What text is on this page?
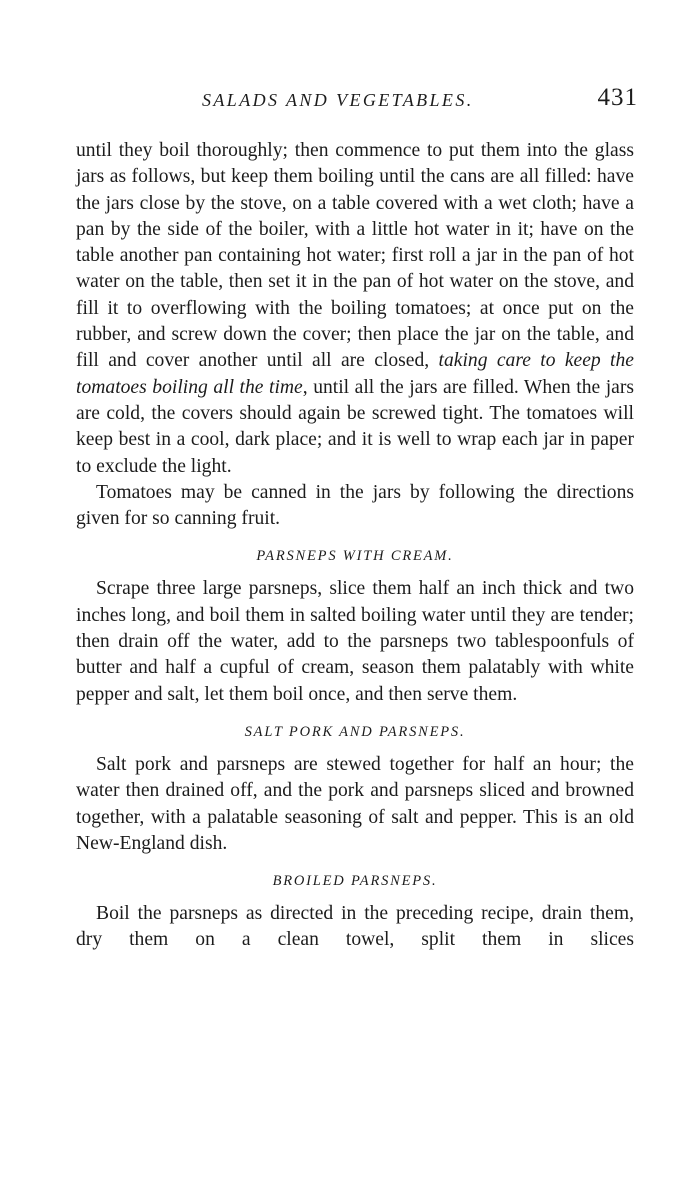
SALADS AND VEGETABLES.	431

until they boil thoroughly; then commence to put them into the glass jars as follows, but keep them boiling until the cans are all filled: have the jars close by the stove, on a table covered with a wet cloth; have a pan by the side of the boiler, with a little hot water in it; have on the table another pan containing hot water; first roll a jar in the pan of hot water on the table, then set it in the pan of hot water on the stove, and fill it to overflowing with the boiling tomatoes; at once put on the rubber, and screw down the cover; then place the jar on the table, and fill and cover another until all are closed, taking care to keep the tomatoes boiling all the time, until all the jars are filled. When the jars are cold, the covers should again be screwed tight. The tomatoes will keep best in a cool, dark place; and it is well to wrap each jar in paper to exclude the light.

Tomatoes may be canned in the jars by following the directions given for so canning fruit.

PARSNEPS WITH CREAM.

Scrape three large parsneps, slice them half an inch thick and two inches long, and boil them in salted boiling water until they are tender; then drain off the water, add to the parsneps two tablespoonfuls of butter and half a cupful of cream, season them palatably with white pepper and salt, let them boil once, and then serve them.

SALT PORK AND PARSNEPS.

Salt pork and parsneps are stewed together for half an hour; the water then drained off, and the pork and parsneps sliced and browned together, with a palatable seasoning of salt and pepper. This is an old New-England dish.

BROILED PARSNEPS.

Boil the parsneps as directed in the preceding recipe, drain them, dry them on a clean towel, split them in slices
